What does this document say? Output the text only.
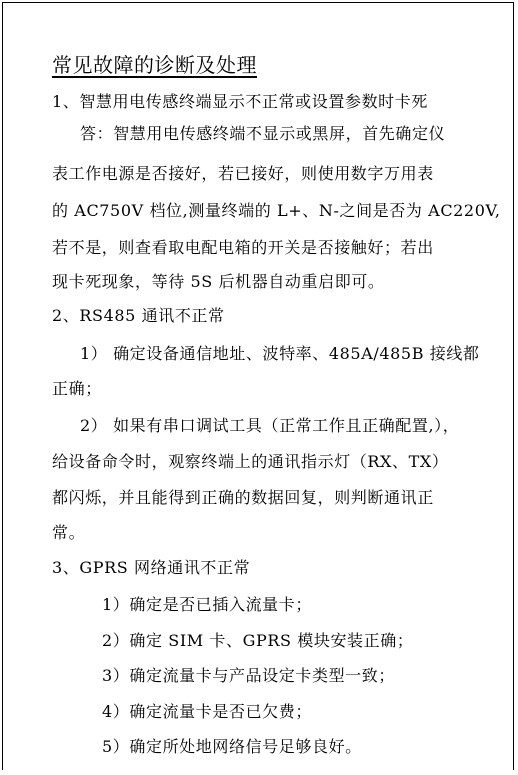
常见故障的诊断及处理
1、智慧用电传感终端显示不正常或设置参数时卡死
答：智慧用电传感终端不显示或黑屏，首先确定仪
表工作电源是否接好，若已接好，则使用数字万用表
的 AC750V 档位,测量终端的 L+、N-之间是否为 AC220V,
若不是，则查看取电配电箱的开关是否接触好；若出
现卡死现象，等待 5S 后机器自动重启即可。
2、RS485 通讯不正常
1） 确定设备通信地址、波特率、485A/485B 接线都
正确；
2） 如果有串口调试工具（正常工作且正确配置,），
给设备命令时，观察终端上的通讯指示灯（RX、TX）
都闪烁，并且能得到正确的数据回复，则判断通讯正
常。
3、GPRS 网络通讯不正常
1）确定是否已插入流量卡；
2）确定 SIM 卡、GPRS 模块安装正确；
3）确定流量卡与产品设定卡类型一致；
4）确定流量卡是否已欠费；
5）确定所处地网络信号足够良好。
